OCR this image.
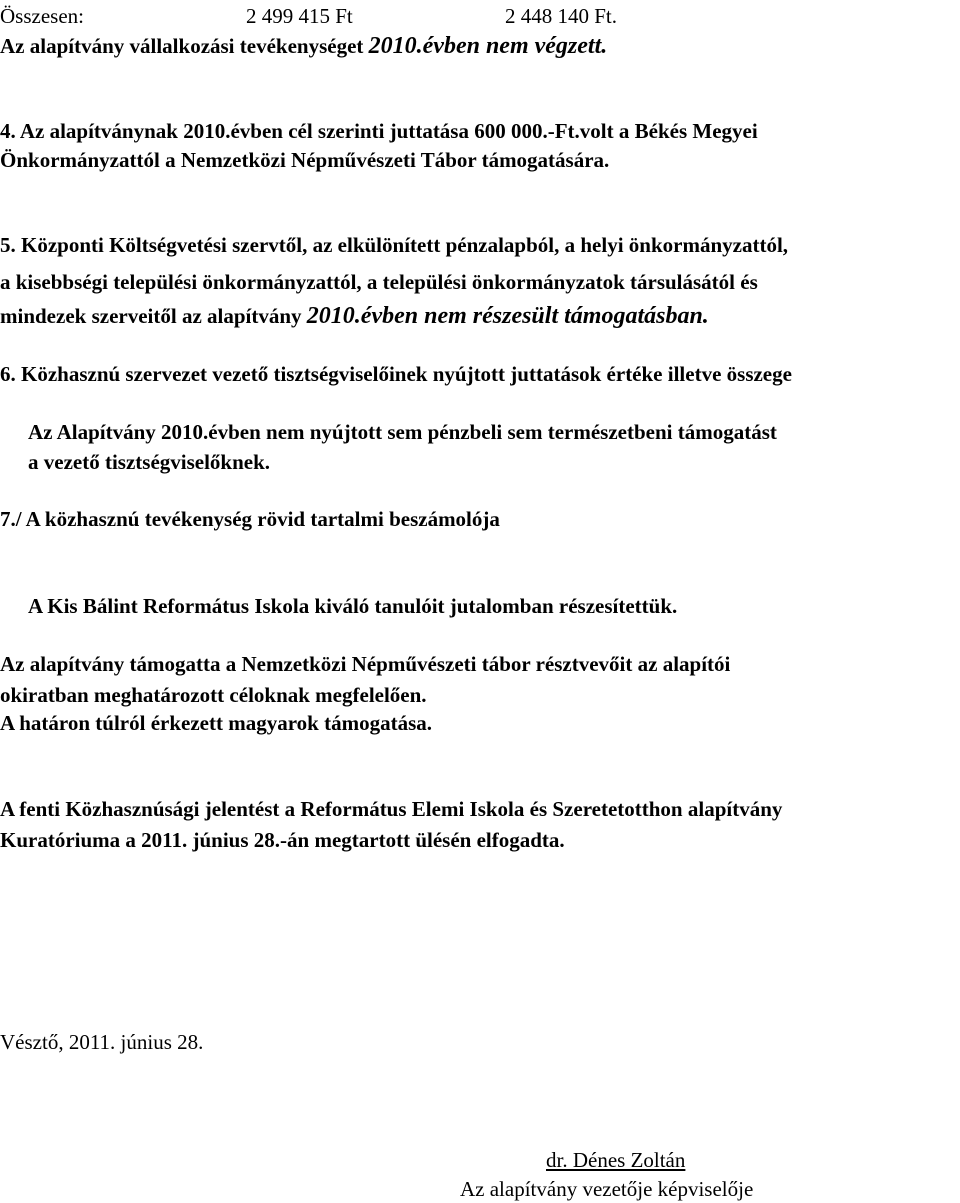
Összesen:	2 499 415 Ft	2 448 140 Ft.
Az alapítvány vállalkozási tevékenységet 2010.évben nem végzett.
4. Az alapítványnak 2010.évben cél szerinti juttatása 600 000.-Ft.volt a Békés Megyei
Önkormányzattól a Nemzetközi Népművészeti Tábor támogatására.
5. Központi Költségvetési szervtől, az elkülönített pénzalapból, a helyi önkormányzattól,
a kisebbségi települési önkormányzattól, a települési önkormányzatok társulásától és
mindezek szerveitől az alapítvány 2010.évben nem részesült támogatásban.
6. Közhasznú szervezet vezető tisztségviselőinek nyújtott juttatások értéke illetve összege
Az Alapítvány 2010.évben nem nyújtott sem pénzbeli sem természetbeni támogatást
a vezető tisztségviselőknek.
7./ A közhasznú tevékenység rövid tartalmi beszámolója
A Kis Bálint Református Iskola kiváló tanulóit jutalomban részesítettük.
Az alapítvány támogatta a Nemzetközi Népművészeti tábor résztvevőit az alapítói
okiratban meghatározott céloknak megfelelően.
A határon túlról érkezett magyarok támogatása.
A fenti Közhasznúsági jelentést a Református Elemi Iskola és Szeretetotthon alapítvány
Kuratóriuma a 2011. június 28.-án megtartott ülésén elfogadta.
Vésztő, 2011. június 28.
dr. Dénes Zoltán
Az alapítvány vezetője képviselője
